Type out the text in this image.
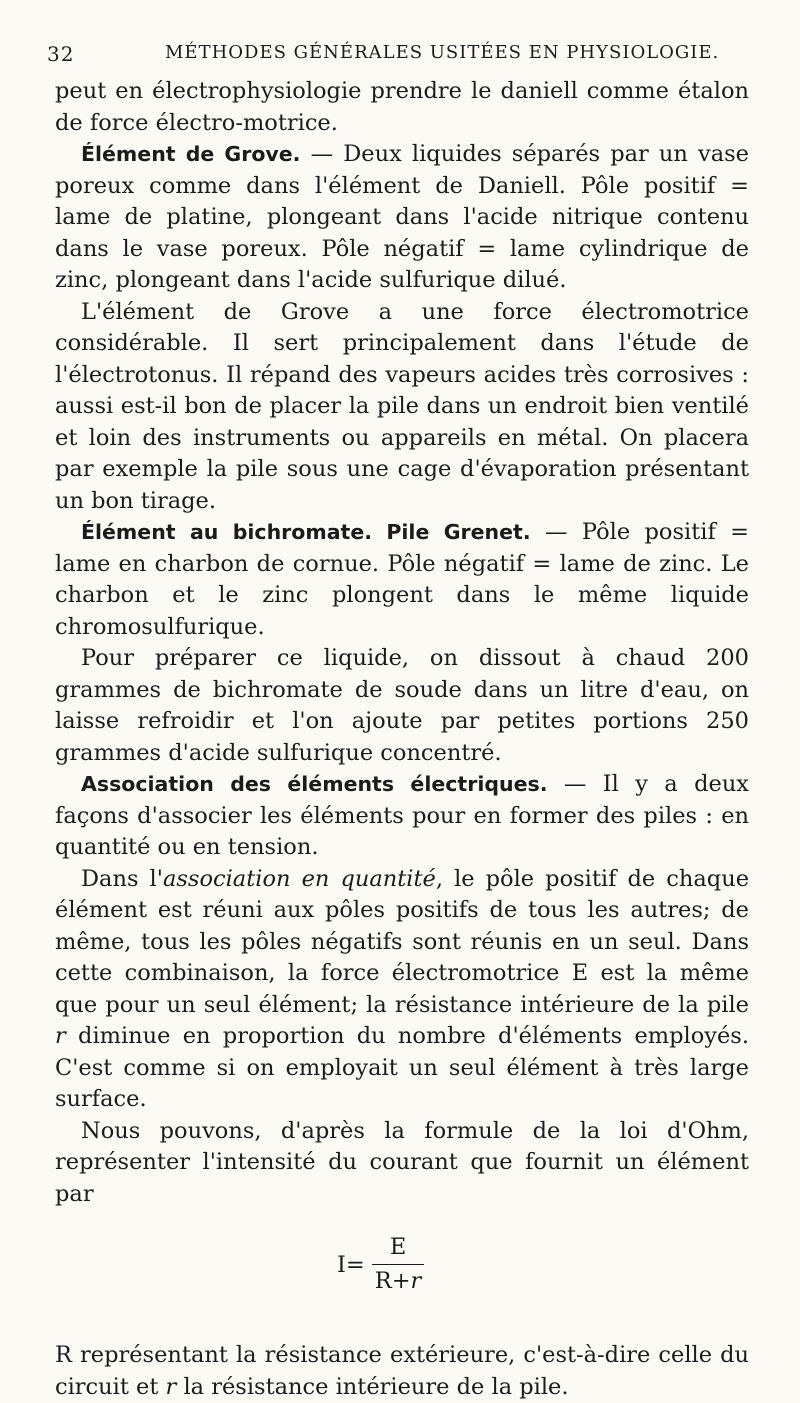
32	MÉTHODES GÉNÉRALES USITÉES EN PHYSIOLOGIE.

peut en électrophysiologie prendre le daniell comme étalon de force électro-motrice.

Élément de Grove. — Deux liquides séparés par un vase poreux comme dans l'élément de Daniell. Pôle positif = lame de platine, plongeant dans l'acide nitrique contenu dans le vase poreux. Pôle négatif = lame cylindrique de zinc, plongeant dans l'acide sulfurique dilué.

L'élément de Grove a une force électromotrice considérable. Il sert principalement dans l'étude de l'électrotonus. Il répand des vapeurs acides très corrosives : aussi est-il bon de placer la pile dans un endroit bien ventilé et loin des instruments ou appareils en métal. On placera par exemple la pile sous une cage d'évaporation présentant un bon tirage.

Élément au bichromate. Pile Grenet. — Pôle positif = lame en charbon de cornue. Pôle négatif = lame de zinc. Le charbon et le zinc plongent dans le même liquide chromosulfurique.

Pour préparer ce liquide, on dissout à chaud 200 grammes de bichromate de soude dans un litre d'eau, on laisse refroidir et l'on ajoute par petites portions 250 grammes d'acide sulfurique concentré.

Association des éléments électriques. — Il y a deux façons d'associer les éléments pour en former des piles : en quantité ou en tension.

Dans l'association en quantité, le pôle positif de chaque élément est réuni aux pôles positifs de tous les autres; de même, tous les pôles négatifs sont réunis en un seul. Dans cette combinaison, la force électromotrice E est la même que pour un seul élément; la résistance intérieure de la pile r diminue en proportion du nombre d'éléments employés. C'est comme si on employait un seul élément à très large surface.

Nous pouvons, d'après la formule de la loi d'Ohm, représenter l'intensité du courant que fournit un élément par

$I= \frac{E}{R+r}$

R représentant la résistance extérieure, c'est-à-dire celle du circuit et r la résistance intérieure de la pile.
